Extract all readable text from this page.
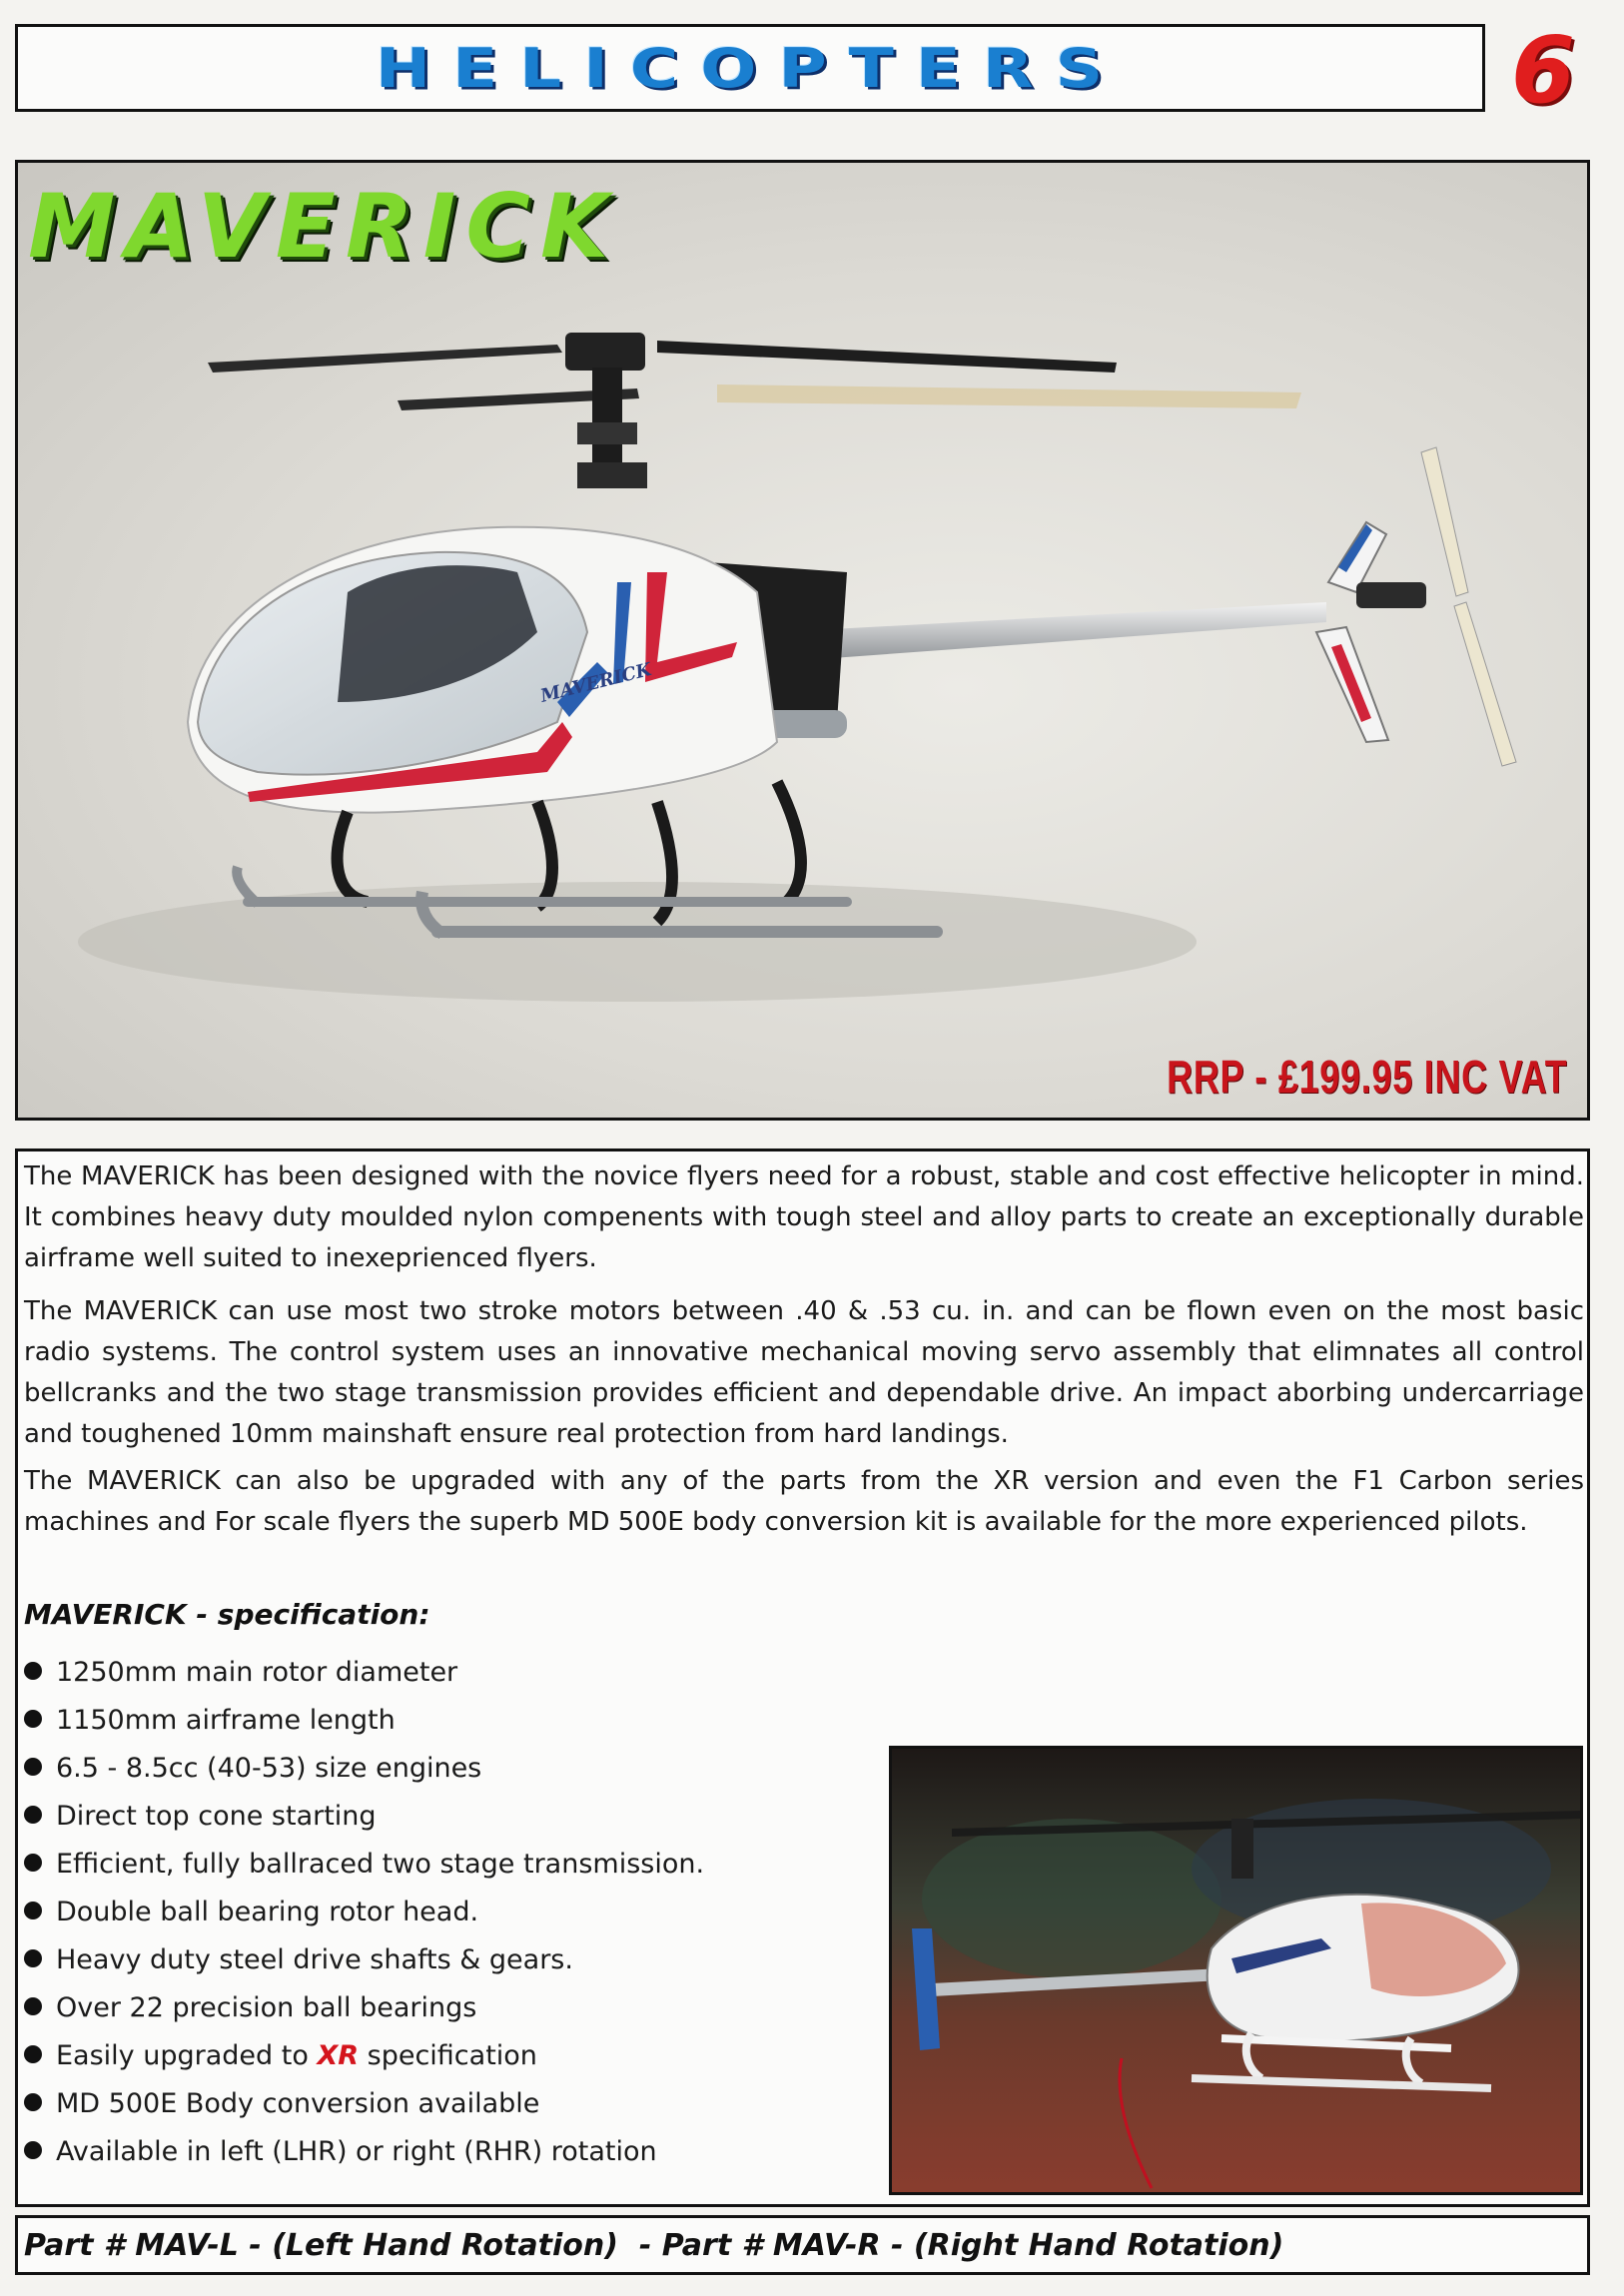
HELICOPTERS	6
MAVERICK
MAVERICK
RRP - £199.95 INC VAT

The MAVERICK has been designed with the novice flyers need for a robust, stable and cost effective helicopter in mind. It combines heavy duty moulded nylon compenents with tough steel and alloy parts to create an exceptionally durable airframe well suited to inexeprienced flyers.

The MAVERICK can use most two stroke motors between .40 & .53 cu. in. and can be flown even on the most basic radio systems. The control system uses an innovative mechanical moving servo assembly that elimnates all control bellcranks and the two stage transmission provides efficient and dependable drive. An impact aborbing undercarriage and toughened 10mm mainshaft ensure real protection from hard landings.

The MAVERICK can also be upgraded with any of the parts from the XR version and even the F1 Carbon series machines and For scale flyers the superb MD 500E body conversion kit is available for the more experienced pilots.

MAVERICK - specification:
1250mm main rotor diameter
1150mm airframe length
6.5 - 8.5cc (40-53) size engines
Direct top cone starting
Efficient, fully ballraced two stage transmission.
Double ball bearing rotor head.
Heavy duty steel drive shafts & gears.
Over 22 precision ball bearings
Easily upgraded to XR specification
MD 500E Body conversion available
Available in left (LHR) or right (RHR) rotation
Part # MAV-L - (Left Hand Rotation)  - Part # MAV-R - (Right Hand Rotation)
